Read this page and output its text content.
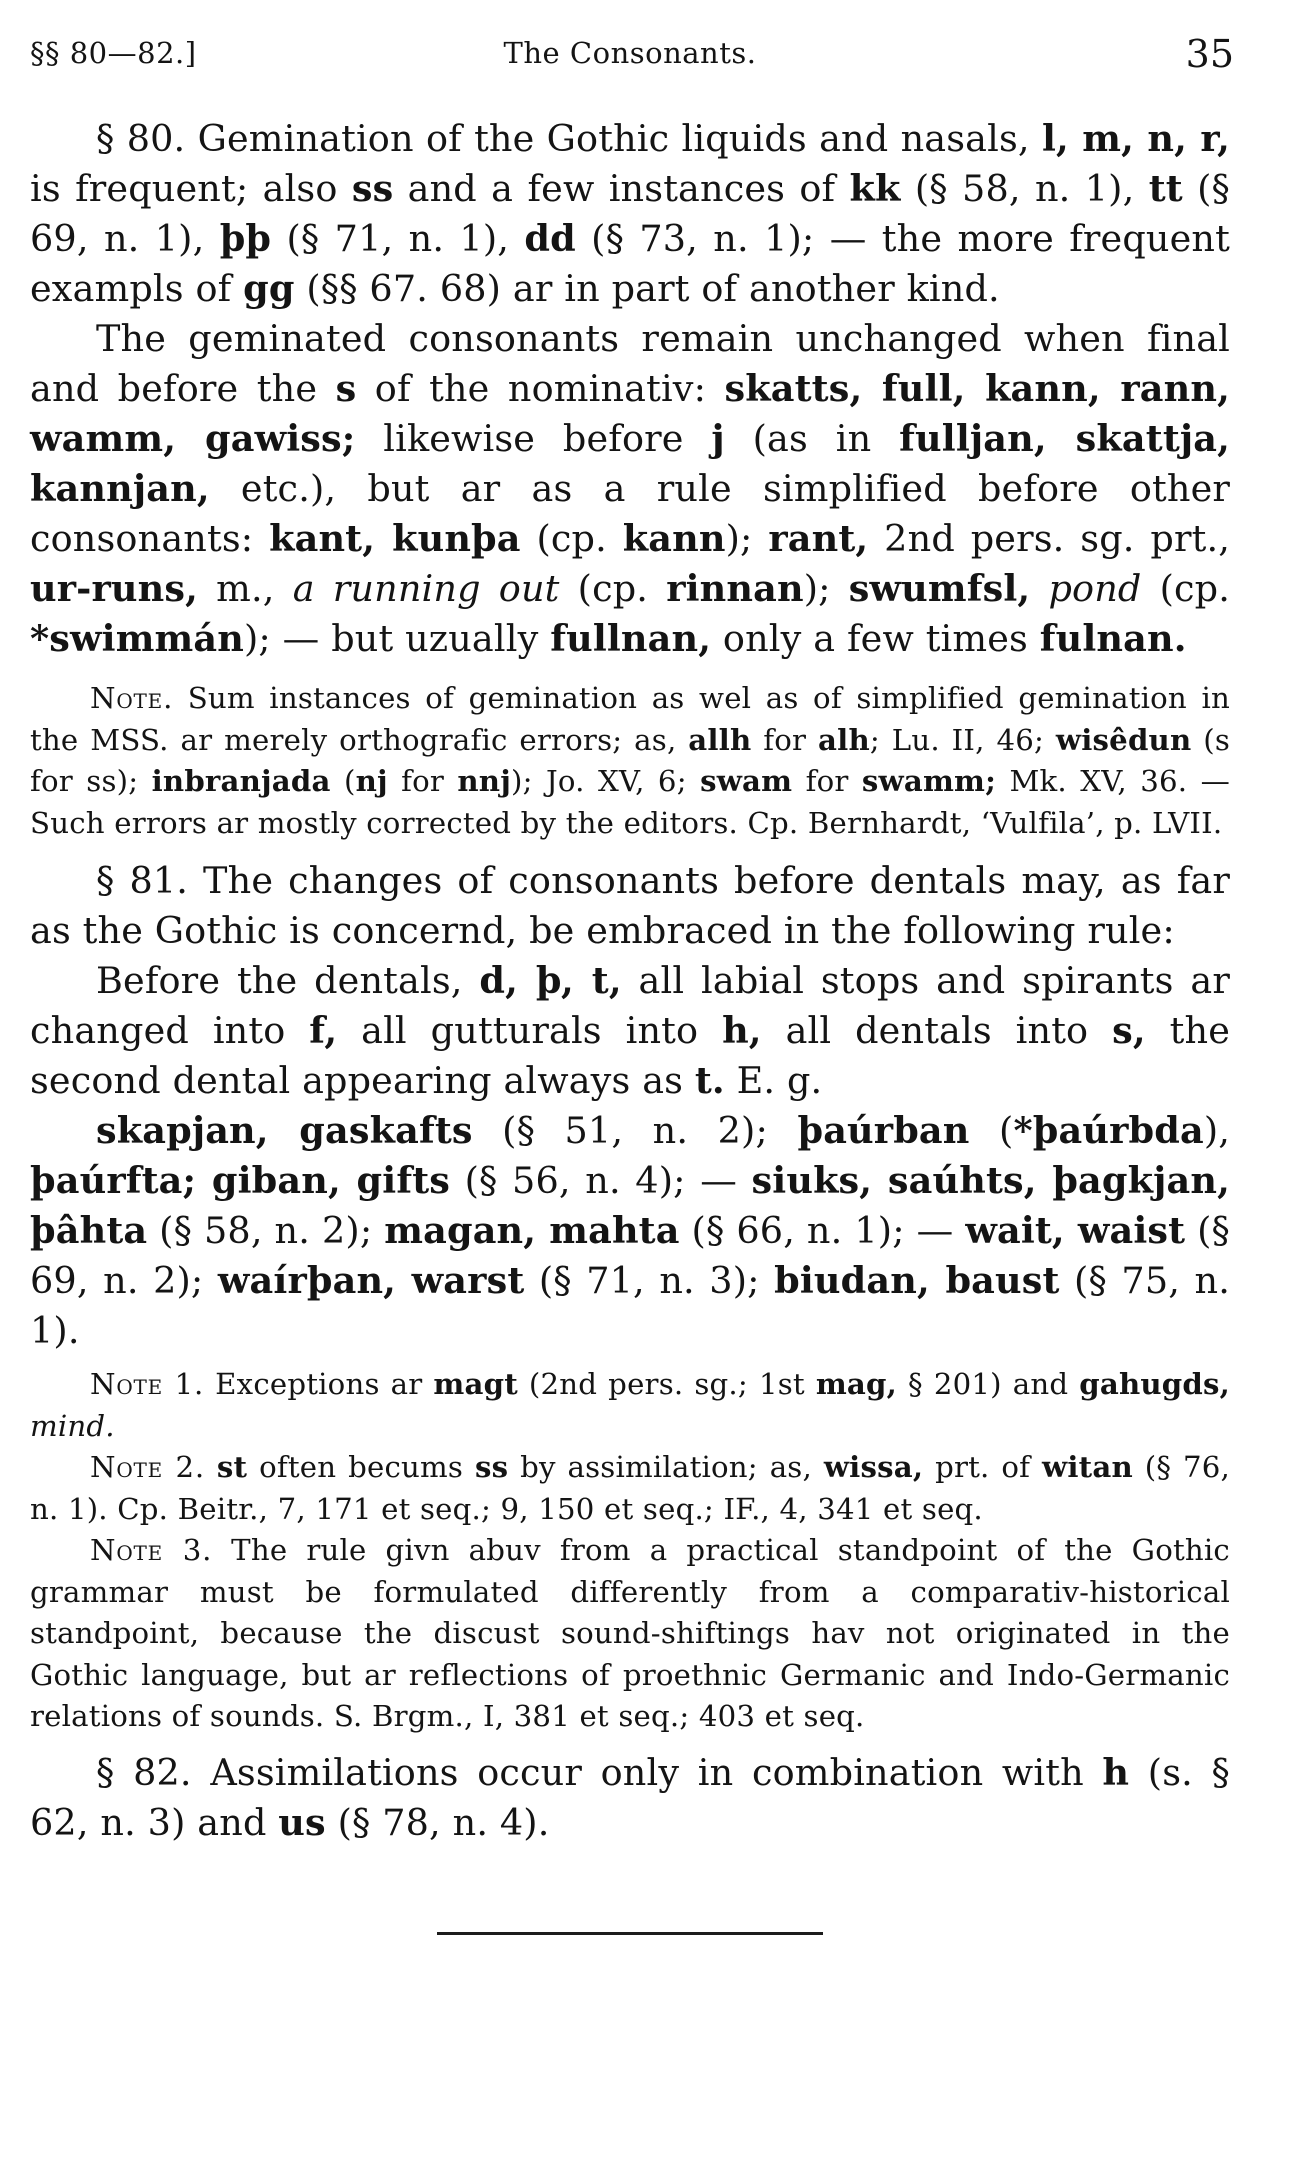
§§ 80—82.]	The Consonants.	35

§ 80. Gemination of the Gothic liquids and nasals, l, m, n, r, is frequent; also ss and a few instances of kk (§ 58, n. 1), tt (§ 69, n. 1), þþ (§ 71, n. 1), dd (§ 73, n. 1); — the more frequent exampls of gg (§§ 67. 68) ar in part of another kind.

The geminated consonants remain unchanged when final and before the s of the nominativ: skatts, full, kann, rann, wamm, gawiss; likewise before j (as in fulljan, skattja, kannjan, etc.), but ar as a rule simplified before other consonants: kant, kunþa (cp. kann); rant, 2nd pers. sg. prt., ur-runs, m., a running out (cp. rinnan); swumfsl, pond (cp. *swimmán); — but uzually fullnan, only a few times fulnan.

Note. Sum instances of gemination as wel as of simplified gemination in the MSS. ar merely orthografic errors; as, allh for alh; Lu. II, 46; wisêdun (s for ss); inbranjada (nj for nnj); Jo. XV, 6; swam for swamm; Mk. XV, 36. — Such errors ar mostly corrected by the editors. Cp. Bernhardt, ‘Vulfila’, p. LVII.

§ 81. The changes of consonants before dentals may, as far as the Gothic is concernd, be embraced in the following rule:

Before the dentals, d, þ, t, all labial stops and spirants ar changed into f, all gutturals into h, all dentals into s, the second dental appearing always as t. E. g.

skapjan, gaskafts (§ 51, n. 2); þaúrban (*þaúrbda), þaúrfta; giban, gifts (§ 56, n. 4); — siuks, saúhts, þagkjan, þâhta (§ 58, n. 2); magan, mahta (§ 66, n. 1); — wait, waist (§ 69, n. 2); waírþan, warst (§ 71, n. 3); biudan, baust (§ 75, n. 1).

Note 1. Exceptions ar magt (2nd pers. sg.; 1st mag, § 201) and gahugds, mind.

Note 2. st often becums ss by assimilation; as, wissa, prt. of witan (§ 76, n. 1). Cp. Beitr., 7, 171 et seq.; 9, 150 et seq.; IF., 4, 341 et seq.

Note 3. The rule givn abuv from a practical standpoint of the Gothic grammar must be formulated differently from a comparativ-historical standpoint, because the discust sound-shiftings hav not originated in the Gothic language, but ar reflections of proethnic Germanic and Indo-Germanic relations of sounds. S. Brgm., I, 381 et seq.; 403 et seq.

§ 82. Assimilations occur only in combination with h (s. § 62, n. 3) and us (§ 78, n. 4).
